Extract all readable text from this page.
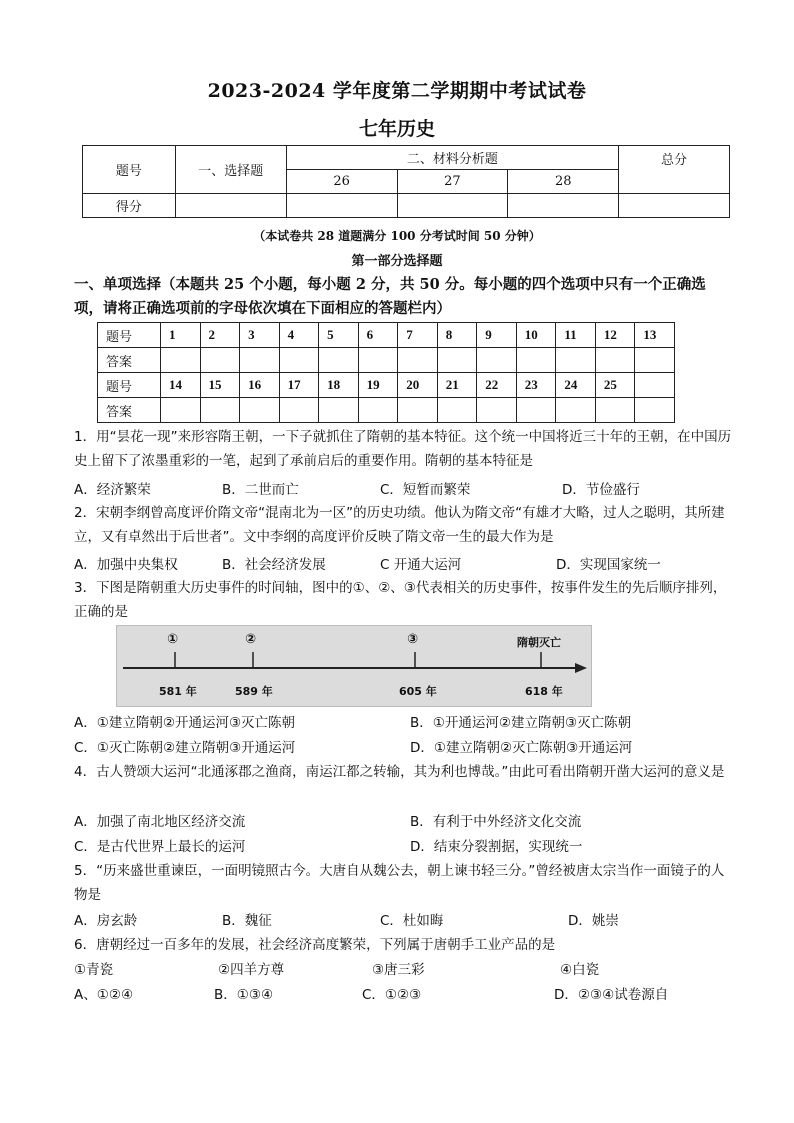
2023-2024 学年度第二学期期中考试试卷
七年历史
题号	一、选择题	二、材料分析题			总分
		26	27	28	
得分					
（本试卷共 28 道题满分 100 分考试时间 50 分钟）
第一部分选择题
一、单项选择（本题共 25 个小题，每小题 2 分，共 50 分。每小题的四个选项中只有一个正确选项，请将正确选项前的字母依次填在下面相应的答题栏内）
题号	1	2	3	4	5	6	7	8	9	10	11	12	13
答案													
题号	14	15	16	17	18	19	20	21	22	23	24	25	
答案													
1．用“昙花一现”来形容隋王朝，一下子就抓住了隋朝的基本特征。这个统一中国将近三十年的王朝，在中国历史上留下了浓墨重彩的一笔，起到了承前启后的重要作用。隋朝的基本特征是
A．经济繁荣	B．二世而亡	C．短暂而繁荣	D．节俭盛行
2．宋朝李纲曾高度评价隋文帝“混南北为一区”的历史功绩。他认为隋文帝“有雄才大略，过人之聪明，其所建立，又有卓然出于后世者”。文中李纲的高度评价反映了隋文帝一生的最大作为是
A．加强中央集权	B．社会经济发展	C 开通大运河	D．实现国家统一
3．下图是隋朝重大历史事件的时间轴，图中的①、②、③代表相关的历史事件，按事件发生的先后顺序排列，正确的是
①	②	③	隋朝灭亡
581 年	589 年	605 年	618 年
A．①建立隋朝②开通运河③灭亡陈朝	B．①开通运河②建立隋朝③灭亡陈朝
C．①灭亡陈朝②建立隋朝③开通运河	D．①建立隋朝②灭亡陈朝③开通运河
4．古人赞颂大运河“北通涿郡之渔商，南运江都之转输，其为利也博哉。”由此可看出隋朝开凿大运河的意义是
A．加强了南北地区经济交流	B．有利于中外经济文化交流
C．是古代世界上最长的运河	D．结束分裂割据，实现统一
5．“历来盛世重谏臣，一面明镜照古今。大唐自从魏公去，朝上谏书轻三分。”曾经被唐太宗当作一面镜子的人物是
A．房玄龄	B．魏征	C．杜如晦	D．姚崇
6．唐朝经过一百多年的发展，社会经济高度繁荣，下列属于唐朝手工业产品的是
①青瓷	②四羊方尊	③唐三彩	④白瓷
A、①②④	B．①③④	C．①②③	D．②③④试卷源自
